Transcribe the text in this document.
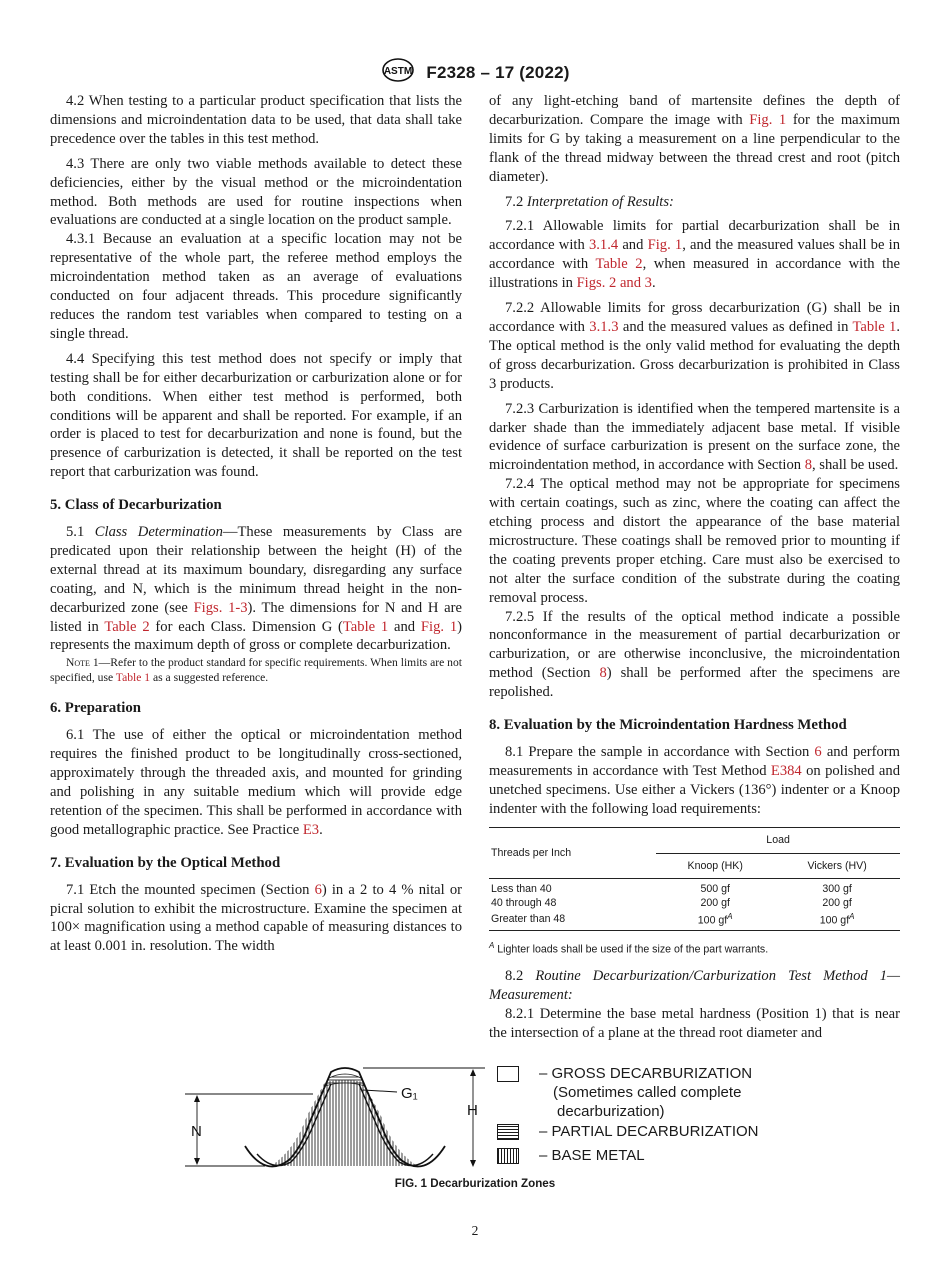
ASTM F2328 – 17 (2022)

4.2 When testing to a particular product specification that lists the dimensions and microindentation data to be used, that data shall take precedence over the tables in this test method.

4.3 There are only two viable methods available to detect these deficiencies, either by the visual method or the microindentation method. Both methods are used for routine inspections when evaluations are conducted at a single location on the product sample.

4.3.1 Because an evaluation at a specific location may not be representative of the whole part, the referee method employs the microindentation method taken as an average of evaluations conducted on four adjacent threads. This procedure significantly reduces the random test variables when compared to testing on a single thread.

4.4 Specifying this test method does not specify or imply that testing shall be for either decarburization or carburization alone or for both conditions. When either test method is performed, both conditions will be apparent and shall be reported. For example, if an order is placed to test for decarburization and none is found, but the presence of carburization is detected, it shall be reported on the test report that carburization was found.

5. Class of Decarburization

5.1 Class Determination—These measurements by Class are predicated upon their relationship between the height (H) of the external thread at its maximum boundary, disregarding any surface coating, and N, which is the minimum thread height in the non-decarburized zone (see Figs. 1-3). The dimensions for N and H are listed in Table 2 for each Class. Dimension G (Table 1 and Fig. 1) represents the maximum depth of gross or complete decarburization.

Note 1—Refer to the product standard for specific requirements. When limits are not specified, use Table 1 as a suggested reference.

6. Preparation

6.1 The use of either the optical or microindentation method requires the finished product to be longitudinally cross-sectioned, approximately through the threaded axis, and mounted for grinding and polishing in any suitable medium which will provide edge retention of the specimen. This shall be performed in accordance with good metallographic practice. See Practice E3.

7. Evaluation by the Optical Method

7.1 Etch the mounted specimen (Section 6) in a 2 to 4 % nital or picral solution to exhibit the microstructure. Examine the specimen at 100× magnification using a method capable of measuring distances to at least 0.001 in. resolution. The width

of any light-etching band of martensite defines the depth of decarburization. Compare the image with Fig. 1 for the maximum limits for G by taking a measurement on a line perpendicular to the flank of the thread midway between the thread crest and root (pitch diameter).

7.2 Interpretation of Results:

7.2.1 Allowable limits for partial decarburization shall be in accordance with 3.1.4 and Fig. 1, and the measured values shall be in accordance with Table 2, when measured in accordance with the illustrations in Figs. 2 and 3.

7.2.2 Allowable limits for gross decarburization (G) shall be in accordance with 3.1.3 and the measured values as defined in Table 1. The optical method is the only valid method for evaluating the depth of gross decarburization. Gross decarburization is prohibited in Class 3 products.

7.2.3 Carburization is identified when the tempered martensite is a darker shade than the immediately adjacent base metal. If visible evidence of surface carburization is present on the surface zone, the microindentation method, in accordance with Section 8, shall be used.

7.2.4 The optical method may not be appropriate for specimens with certain coatings, such as zinc, where the coating can affect the etching process and distort the appearance of the base material microstructure. These coatings shall be removed prior to mounting if the coating prevents proper etching. Care must also be exercised to not alter the surface condition of the substrate during the coating removal process.

7.2.5 If the results of the optical method indicate a possible nonconformance in the measurement of partial decarburization or carburization, or are otherwise inconclusive, the microindentation method (Section 8) shall be performed after the specimens are repolished.

8. Evaluation by the Microindentation Hardness Method

8.1 Prepare the sample in accordance with Section 6 and perform measurements in accordance with Test Method E384 on polished and unetched specimens. Use either a Vickers (136°) indenter or a Knoop indenter with the following load requirements:

Threads per Inch	Load	
	Knoop (HK)	Vickers (HV)
Less than 40	500 gf	300 gf
40 through 48	200 gf	200 gf
Greater than 48	100 $gf^A$	100 $gf^A$
$^A$ Lighter loads shall be used if the size of the part warrants.

8.2 Routine Decarburization/Carburization Test Method 1—Measurement:

8.2.1 Determine the base metal hardness (Position 1) that is near the intersection of a plane at the thread root diameter and

G₁
H
N
– GROSS DECARBURIZATION
(Sometimes called complete
decarburization)
– PARTIAL DECARBURIZATION
– BASE METAL
FIG. 1 Decarburization Zones
2
